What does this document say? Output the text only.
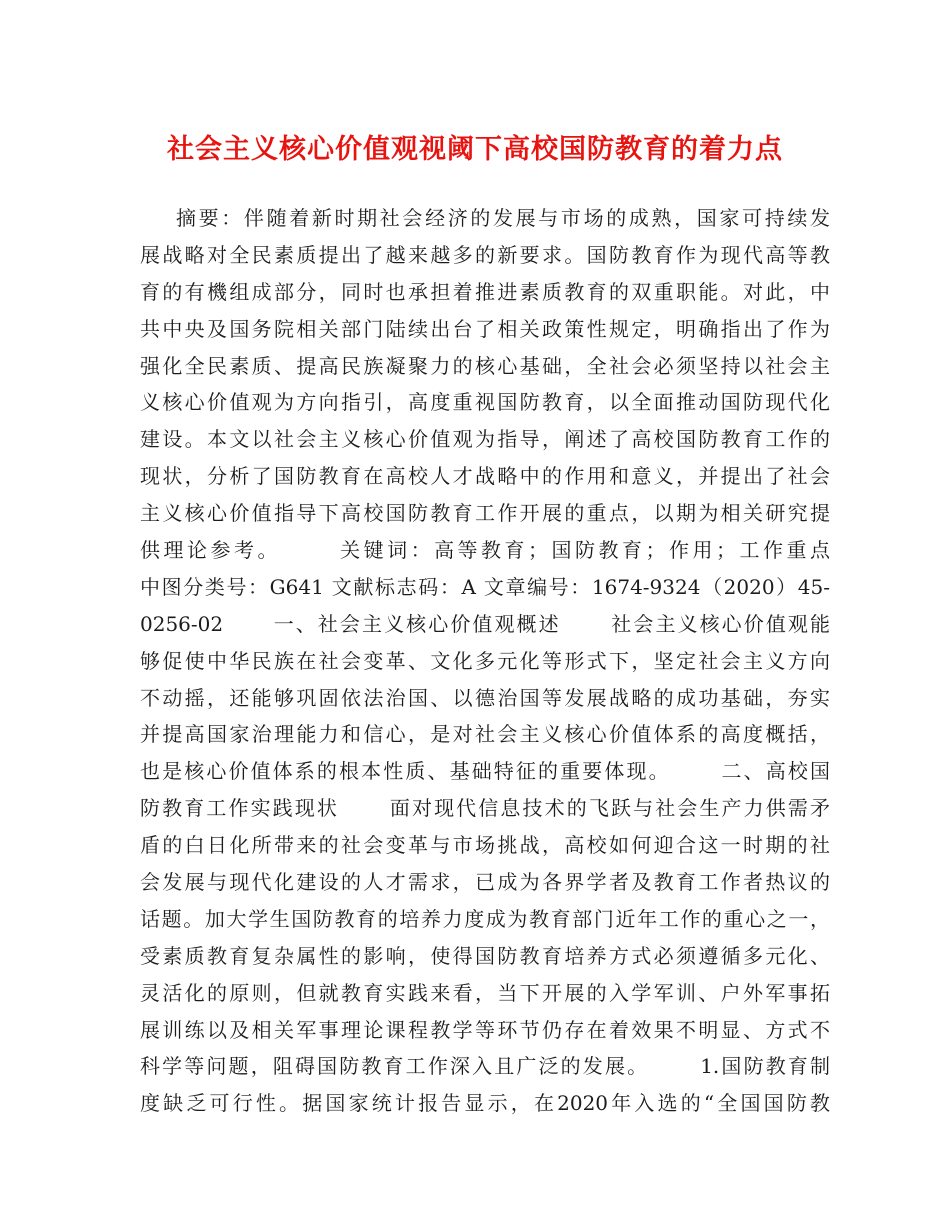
社会主义核心价值观视阈下高校国防教育的着力点
摘要：伴随着新时期社会经济的发展与市场的成熟，国家可持续发
展战略对全民素质提出了越来越多的新要求。国防教育作为现代高等教
育的有機组成部分，同时也承担着推进素质教育的双重职能。对此，中
共中央及国务院相关部门陆续出台了相关政策性规定，明确指出了作为
强化全民素质、提高民族凝聚力的核心基础，全社会必须坚持以社会主
义核心价值观为方向指引，高度重视国防教育，以全面推动国防现代化
建设。本文以社会主义核心价值观为指导，阐述了高校国防教育工作的
现状，分析了国防教育在高校人才战略中的作用和意义，并提出了社会
主义核心价值指导下高校国防教育工作开展的重点，以期为相关研究提
供理论参考。      关键词：高等教育；国防教育；作用；工作重点
中图分类号：G641 文献标志码：A 文章编号：1674-9324（2020）45-
0256-02      一、社会主义核心价值观概述      社会主义核心价值观能
够促使中华民族在社会变革、文化多元化等形式下，坚定社会主义方向
不动摇，还能够巩固依法治国、以德治国等发展战略的成功基础，夯实
并提高国家治理能力和信心，是对社会主义核心价值体系的高度概括，
也是核心价值体系的根本性质、基础特征的重要体现。      二、高校国
防教育工作实践现状      面对现代信息技术的飞跃与社会生产力供需矛
盾的白日化所带来的社会变革与市场挑战，高校如何迎合这一时期的社
会发展与现代化建设的人才需求，已成为各界学者及教育工作者热议的
话题。加大学生国防教育的培养力度成为教育部门近年工作的重心之一，
受素质教育复杂属性的影响，使得国防教育培养方式必须遵循多元化、
灵活化的原则，但就教育实践来看，当下开展的入学军训、户外军事拓
展训练以及相关军事理论课程教学等环节仍存在着效果不明显、方式不
科学等问题，阻碍国防教育工作深入且广泛的发展。      1.国防教育制
度缺乏可行性。据国家统计报告显示，在2020年入选的“全国国防教
